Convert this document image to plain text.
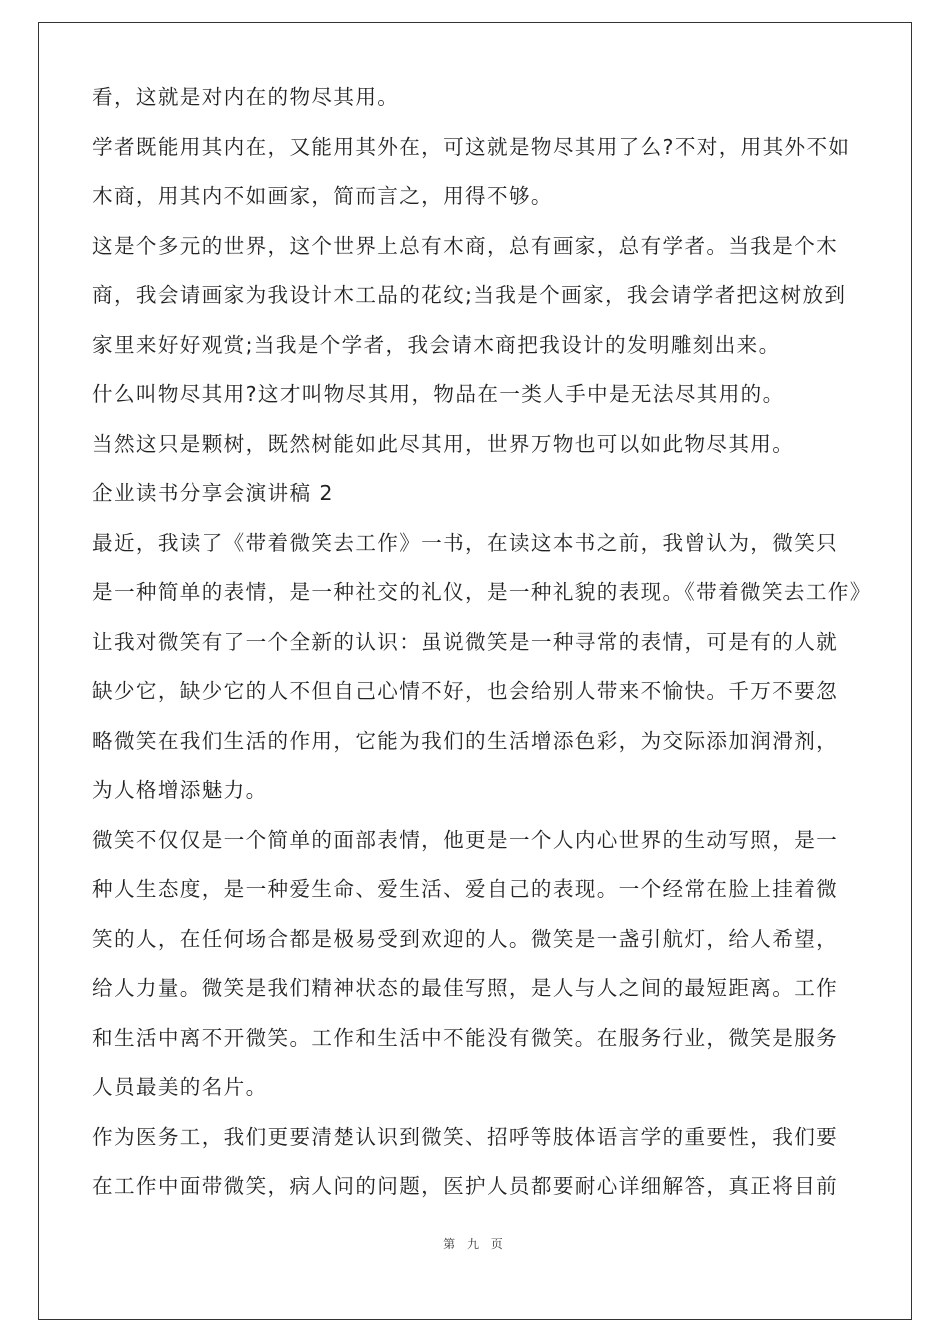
看，这就是对内在的物尽其用。
学者既能用其内在，又能用其外在，可这就是物尽其用了么?不对，用其外不如
木商，用其内不如画家，简而言之，用得不够。
这是个多元的世界，这个世界上总有木商，总有画家，总有学者。当我是个木
商，我会请画家为我设计木工品的花纹;当我是个画家，我会请学者把这树放到
家里来好好观赏;当我是个学者，我会请木商把我设计的发明雕刻出来。
什么叫物尽其用?这才叫物尽其用，物品在一类人手中是无法尽其用的。
当然这只是颗树，既然树能如此尽其用，世界万物也可以如此物尽其用。
企业读书分享会演讲稿 2
最近，我读了《带着微笑去工作》一书，在读这本书之前，我曾认为，微笑只
是一种简单的表情，是一种社交的礼仪，是一种礼貌的表现。《带着微笑去工作》
让我对微笑有了一个全新的认识：虽说微笑是一种寻常的表情，可是有的人就
缺少它，缺少它的人不但自己心情不好，也会给别人带来不愉快。千万不要忽
略微笑在我们生活的作用，它能为我们的生活增添色彩，为交际添加润滑剂，
为人格增添魅力。
微笑不仅仅是一个简单的面部表情，他更是一个人内心世界的生动写照，是一
种人生态度，是一种爱生命、爱生活、爱自己的表现。一个经常在脸上挂着微
笑的人，在任何场合都是极易受到欢迎的人。微笑是一盏引航灯，给人希望，
给人力量。微笑是我们精神状态的最佳写照，是人与人之间的最短距离。工作
和生活中离不开微笑。工作和生活中不能没有微笑。在服务行业，微笑是服务
人员最美的名片。
作为医务工，我们更要清楚认识到微笑、招呼等肢体语言学的重要性，我们要
在工作中面带微笑，病人问的问题，医护人员都要耐心详细解答，真正将目前
第 九 页
